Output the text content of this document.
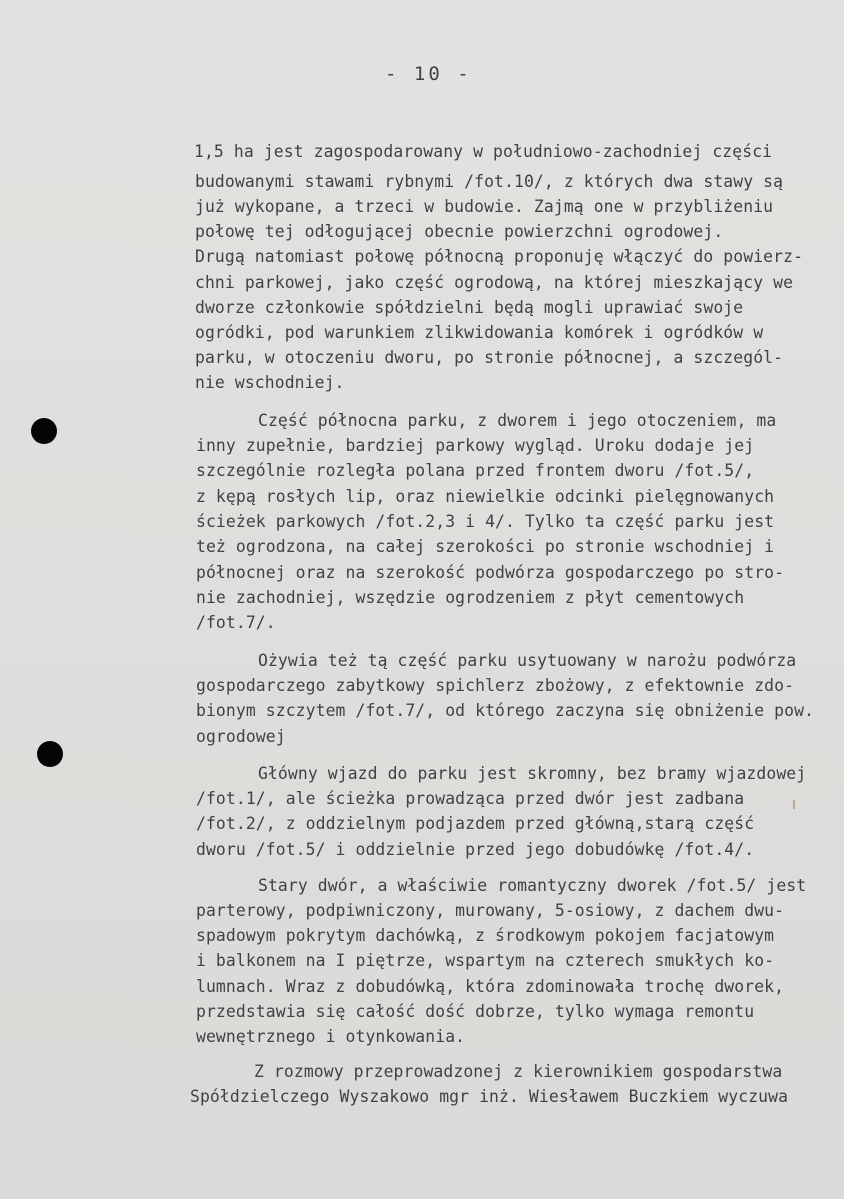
- 10 -
1,5 ha jest zagospodarowany w południowo-zachodniej części
budowanymi stawami rybnymi /fot.10/, z których dwa stawy są
już wykopane, a trzeci w budowie. Zajmą one w przybliżeniu
połowę tej odłogującej obecnie powierzchni ogrodowej.
Drugą natomiast połowę północną proponuję włączyć do powierz-
chni parkowej, jako część ogrodową, na której mieszkający we
dworze członkowie spółdzielni będą mogli uprawiać swoje
ogródki, pod warunkiem zlikwidowania komórek i ogródków w
parku, w otoczeniu dworu, po stronie północnej, a szczegól-
nie wschodniej.
Część północna parku, z dworem i jego otoczeniem, ma
inny zupełnie, bardziej parkowy wygląd. Uroku dodaje jej
szczególnie rozległa polana przed frontem dworu /fot.5/,
z kępą rosłych lip, oraz niewielkie odcinki pielęgnowanych
ścieżek parkowych /fot.2,3 i 4/. Tylko ta część parku jest
też ogrodzona, na całej szerokości po stronie wschodniej i
północnej oraz na szerokość podwórza gospodarczego po stro-
nie zachodniej, wszędzie ogrodzeniem z płyt cementowych
/fot.7/.
Ożywia też tą część parku usytuowany w narożu podwórza
gospodarczego zabytkowy spichlerz zbożowy, z efektownie zdo-
bionym szczytem /fot.7/, od którego zaczyna się obniżenie pow.
ogrodowej
Główny wjazd do parku jest skromny, bez bramy wjazdowej
/fot.1/, ale ścieżka prowadząca przed dwór jest zadbana
/fot.2/, z oddzielnym podjazdem przed główną,starą część
dworu /fot.5/ i oddzielnie przed jego dobudówkę /fot.4/.
Stary dwór, a właściwie romantyczny dworek /fot.5/ jest
parterowy, podpiwniczony, murowany, 5-osiowy, z dachem dwu-
spadowym pokrytym dachówką, z środkowym pokojem facjatowym
i balkonem na I piętrze, wspartym na czterech smukłych ko-
lumnach. Wraz z dobudówką, która zdominowała trochę dworek,
przedstawia się całość dość dobrze, tylko wymaga remontu
wewnętrznego i otynkowania.
Z rozmowy przeprowadzonej z kierownikiem gospodarstwa
Spółdzielczego Wyszakowo mgr inż. Wiesławem Buczkiem wyczuwa
